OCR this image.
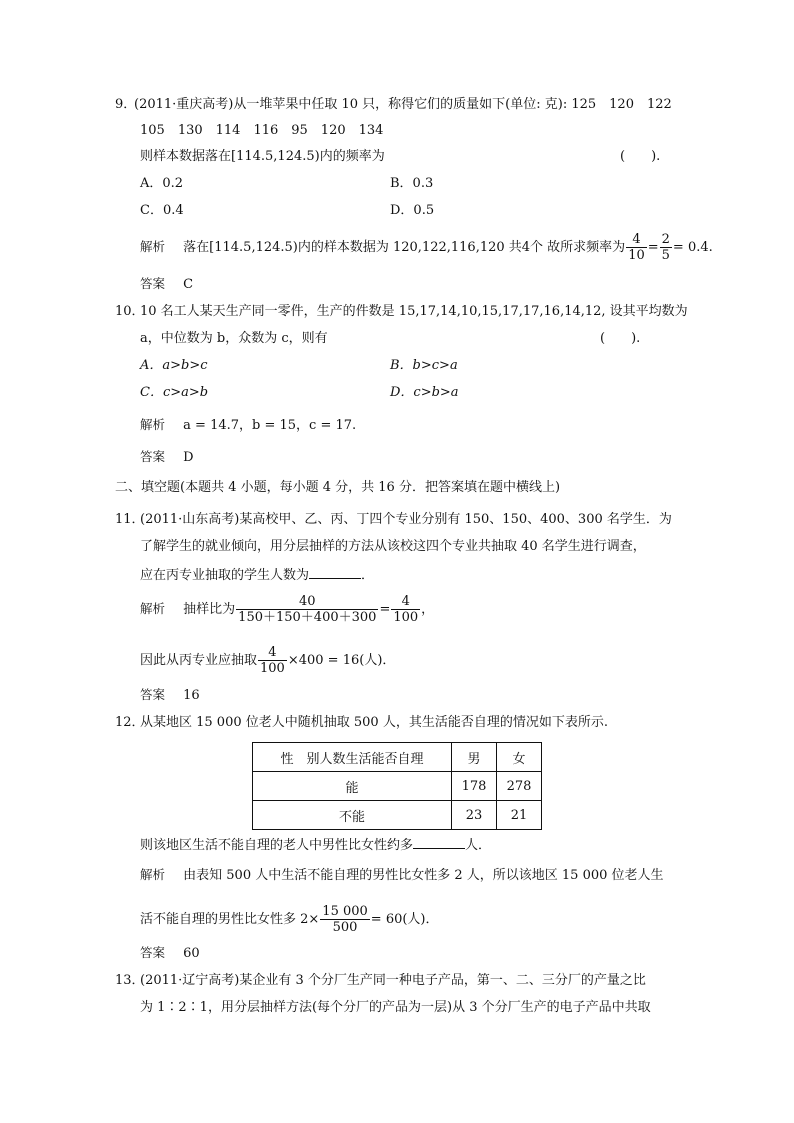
9．
(2011·重庆高考)从一堆苹果中任取 10 只，称得它们的质量如下(单位: 克): 125　120　122
105　130　114　116　95　120　134
则样本数据落在[114.5,124.5)内的频率为	(　　).
A．0.2	B．0.3
C．0.4	D．0.5
解析 落在[114.5,124.5)内的样本数据为 120,122,116,120 共4个 故所求频率为 $\frac{4}{10} = \frac{2}{5} = 0.4$.
答案 C
10．
10 名工人某天生产同一零件，生产的件数是 15,17,14,10,15,17,17,16,14,12, 设其平均数为
a，中位数为 b，众数为 c，则有	(　　).
A．a>b>c	B．b>c>a
C．c>a>b	D．c>b>a
解析 a = 14.7，b = 15，c = 17.
答案 D
二、填空题(本题共 4 小题，每小题 4 分，共 16 分．把答案填在题中横线上)
11．
(2011·山东高考)某高校甲、乙、丙、丁四个专业分别有 150、150、400、300 名学生．为
了解学生的就业倾向，用分层抽样的方法从该校这四个专业共抽取 40 名学生进行调查，
应在丙专业抽取的学生人数为	．
解析 抽样比为 $\frac{40}{150+150+400+300} = \frac{4}{100}$ ，
因此从丙专业应抽取 $\frac{4}{100} \times 400 = 16$(人)．
答案 16
12．
从某地区 15 000 位老人中随机抽取 500 人，其生活能否自理的情况如下表所示.
性　别人数生活能否自理	男	女
能	178	278
不能	23	21
则该地区生活不能自理的老人中男性比女性约多	人．
解析 由表知 500 人中生活不能自理的男性比女性多 2 人，所以该地区 15 000 位老人生
活不能自理的男性比女性多 $2\times \frac{15 000}{500} = 60$(人)．
答案 60
13．
(2011·辽宁高考)某企业有 3 个分厂生产同一种电子产品，第一、二、三分厂的产量之比
为 1∶2∶1，用分层抽样方法(每个分厂的产品为一层)从 3 个分厂生产的电子产品中共取
